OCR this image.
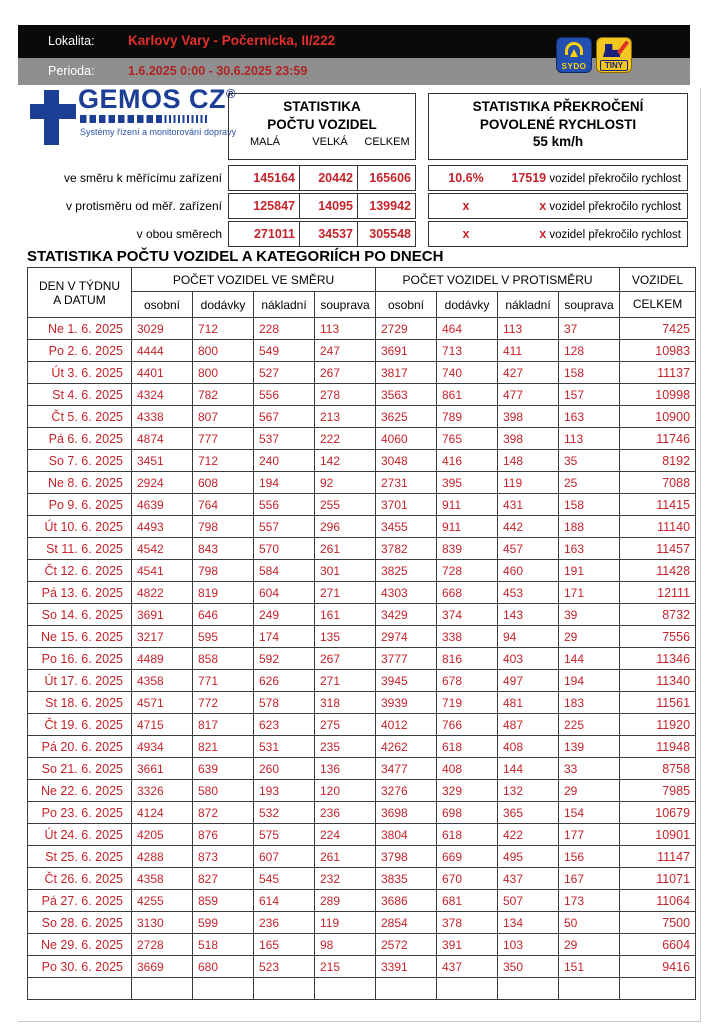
Lokalita: Karlovy Vary - Počernicka, II/222
Perioda:	1.6.2025 0:00 - 30.6.2025 23:59	SYDO	TINY
GEMOS CZ®
Systémy řízení a monitorování dopravy
STATISTIKA
POČTU VOZIDEL
MALÁ	VELKÁ	CELKEM
STATISTIKA PŘEKROČENÍ
POVOLENÉ RYCHLOSTI
55 km/h
ve směru k měřícímu zařízení	145164	20442	165606	10.6%	17519 vozidel překročilo rychlost
v protisměru od měř. zařízení	125847	14095	139942	x	x vozidel překročilo rychlost
v obou směrech	271011	34537	305548	x	x vozidel překročilo rychlost
STATISTIKA POČTU VOZIDEL A KATEGORIÍCH PO DNECH
DEN V TÝDNU
A DATUM
	POČET VOZIDEL VE SMĚRU	POČET VOZIDEL V PROTISMĚRU	VOZIDEL
CELKEM

	osobní	dodávky	nákladní	souprava	osobní	dodávky	nákladní	souprava	
Ne 1. 6. 2025	3029	712	228	113	2729	464	113	37	7425
Po 2. 6. 2025	4444	800	549	247	3691	713	411	128	10983
Út 3. 6. 2025	4401	800	527	267	3817	740	427	158	11137
St 4. 6. 2025	4324	782	556	278	3563	861	477	157	10998
Čt 5. 6. 2025	4338	807	567	213	3625	789	398	163	10900
Pá 6. 6. 2025	4874	777	537	222	4060	765	398	113	11746
So 7. 6. 2025	3451	712	240	142	3048	416	148	35	8192
Ne 8. 6. 2025	2924	608	194	92	2731	395	119	25	7088
Po 9. 6. 2025	4639	764	556	255	3701	911	431	158	11415
Út 10. 6. 2025	4493	798	557	296	3455	911	442	188	11140
St 11. 6. 2025	4542	843	570	261	3782	839	457	163	11457
Čt 12. 6. 2025	4541	798	584	301	3825	728	460	191	11428
Pá 13. 6. 2025	4822	819	604	271	4303	668	453	171	12111
So 14. 6. 2025	3691	646	249	161	3429	374	143	39	8732
Ne 15. 6. 2025	3217	595	174	135	2974	338	94	29	7556
Po 16. 6. 2025	4489	858	592	267	3777	816	403	144	11346
Út 17. 6. 2025	4358	771	626	271	3945	678	497	194	11340
St 18. 6. 2025	4571	772	578	318	3939	719	481	183	11561
Čt 19. 6. 2025	4715	817	623	275	4012	766	487	225	11920
Pá 20. 6. 2025	4934	821	531	235	4262	618	408	139	11948
So 21. 6. 2025	3661	639	260	136	3477	408	144	33	8758
Ne 22. 6. 2025	3326	580	193	120	3276	329	132	29	7985
Po 23. 6. 2025	4124	872	532	236	3698	698	365	154	10679
Út 24. 6. 2025	4205	876	575	224	3804	618	422	177	10901
St 25. 6. 2025	4288	873	607	261	3798	669	495	156	11147
Čt 26. 6. 2025	4358	827	545	232	3835	670	437	167	11071
Pá 27. 6. 2025	4255	859	614	289	3686	681	507	173	11064
So 28. 6. 2025	3130	599	236	119	2854	378	134	50	7500
Ne 29. 6. 2025	2728	518	165	98	2572	391	103	29	6604
Po 30. 6. 2025	3669	680	523	215	3391	437	350	151	9416
